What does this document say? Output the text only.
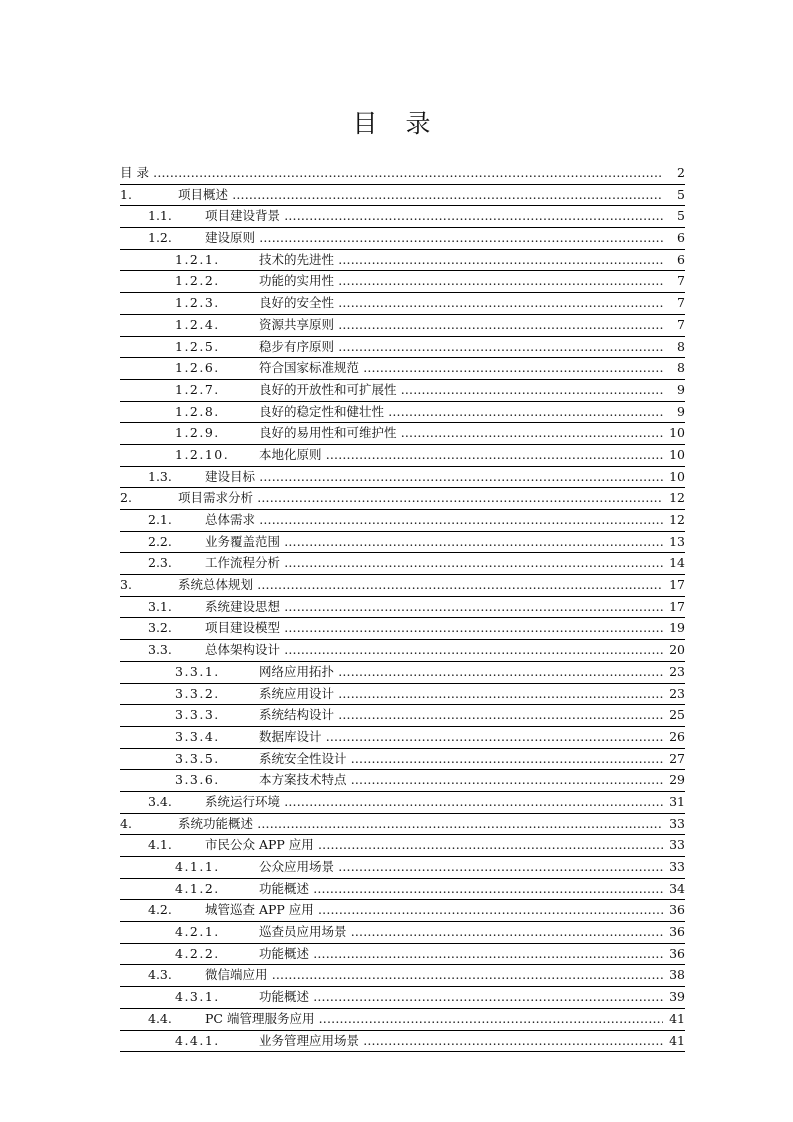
目 录
目 录 .....	2
1.	项目概述 .....	5
1.1.	项目建设背景 .....	5
1.2.	建设原则 .....	6
1.2.1.	技术的先进性 .....	6
1.2.2.	功能的实用性 .....	7
1.2.3.	良好的安全性 .....	7
1.2.4.	资源共享原则 .....	7
1.2.5.	稳步有序原则 .....	8
1.2.6.	符合国家标准规范 .....	8
1.2.7.	良好的开放性和可扩展性 .....	9
1.2.8.	良好的稳定性和健壮性 .....	9
1.2.9.	良好的易用性和可维护性 .....	10
1.2.10. 本地化原则 .....	10
1.3.	建设目标 .....	10
2.	项目需求分析 .....	12
2.1.	总体需求 .....	12
2.2.	业务覆盖范围 .....	13
2.3.	工作流程分析 .....	14
3.	系统总体规划 .....	17
3.1.	系统建设思想 .....	17
3.2.	项目建设模型 .....	19
3.3.	总体架构设计 .....	20
3.3.1.	网络应用拓扑 .....	23
3.3.2.	系统应用设计 .....	23
3.3.3.	系统结构设计 .....	25
3.3.4.	数据库设计 .....	26
3.3.5.	系统安全性设计 .....	27
3.3.6.	本方案技术特点 .....	29
3.4.	系统运行环境 .....	31
4.	系统功能概述 .....	33
4.1.	市民公众 APP 应用 .....	33
4.1.1.	公众应用场景 .....	33
4.1.2.	功能概述 .....	34
4.2.	城管巡查 APP 应用 .....	36
4.2.1.	巡查员应用场景 .....	36
4.2.2.	功能概述 .....	36
4.3.	微信端应用 .....	38
4.3.1.	功能概述 .....	39
4.4.	PC 端管理服务应用 .....	41
4.4.1.	业务管理应用场景 .....	41
